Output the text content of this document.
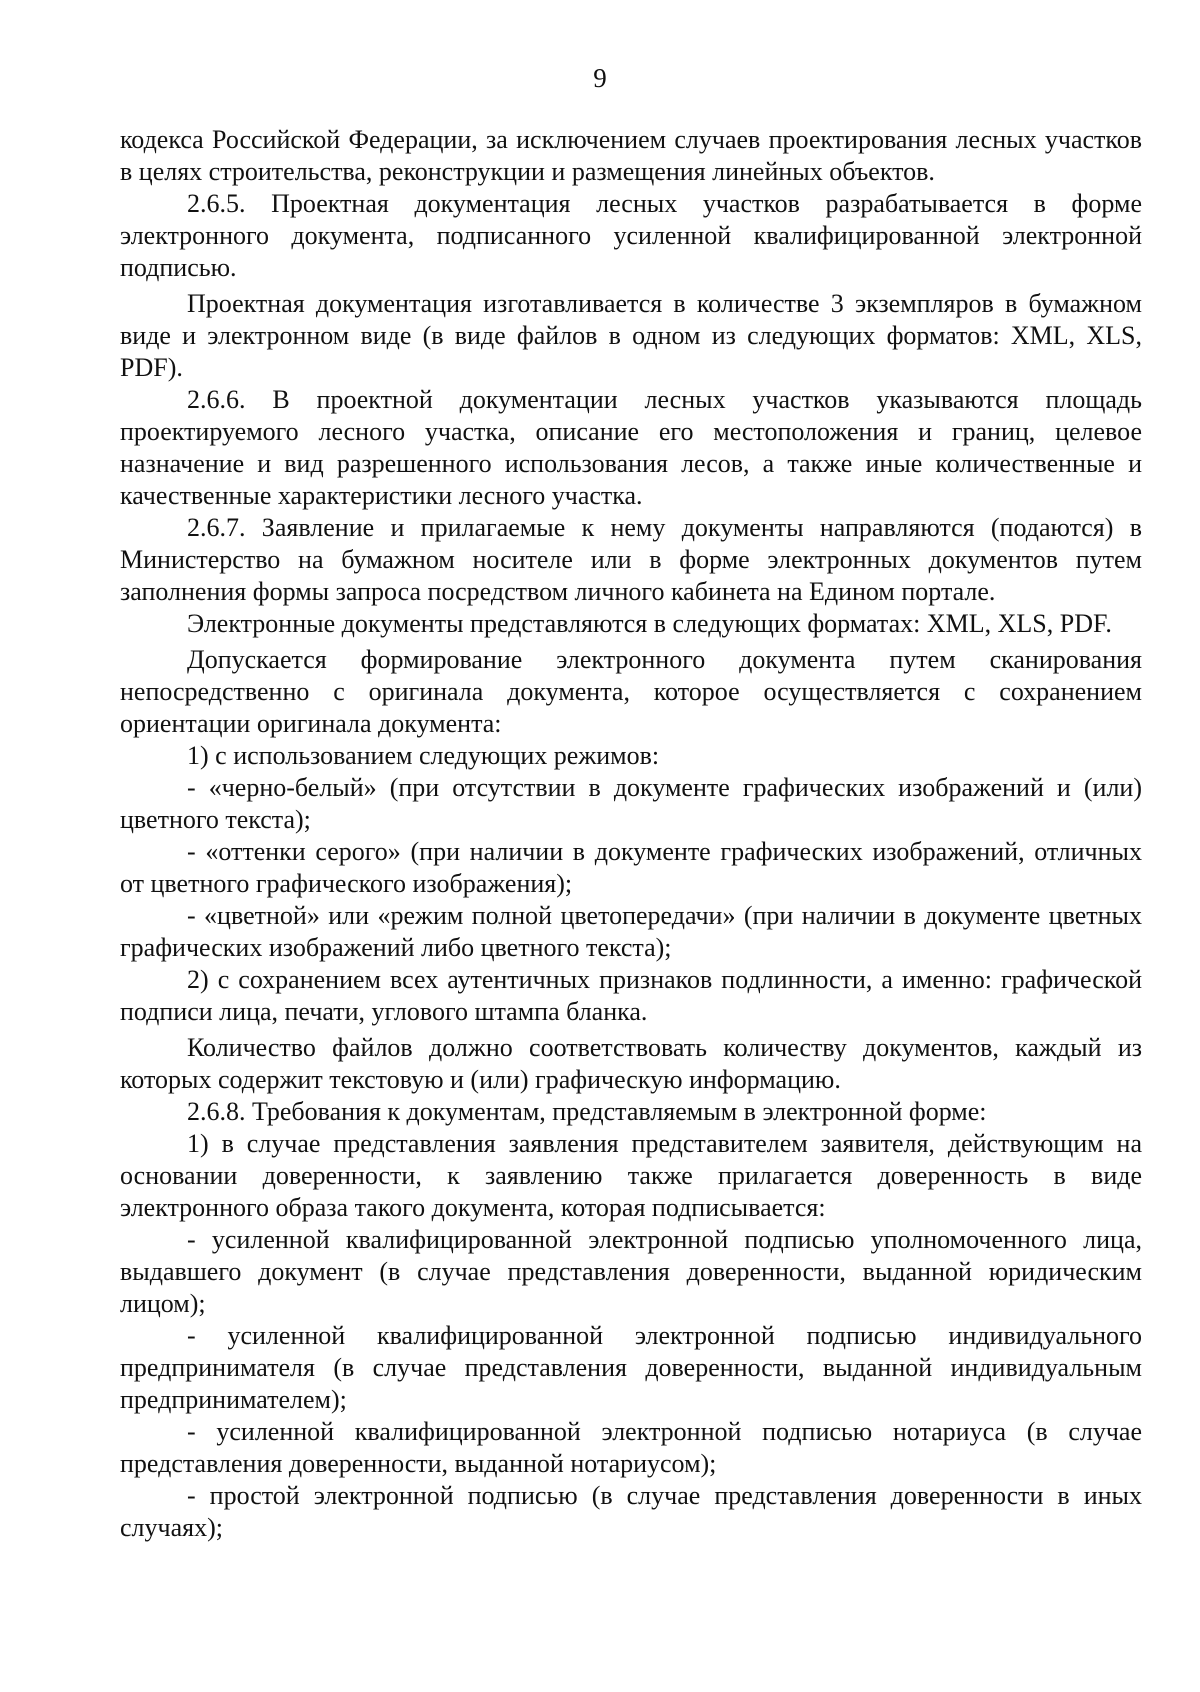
9

кодекса Российской Федерации, за исключением случаев проектирования лесных участков в целях строительства, реконструкции и размещения линейных объектов.

2.6.5. Проектная документация лесных участков разрабатывается в форме электронного документа, подписанного усиленной квалифицированной электронной подписью.

Проектная документация изготавливается в количестве 3 экземпляров в бумажном виде и электронном виде (в виде файлов в одном из следующих форматов: XML, XLS, PDF).

2.6.6. В проектной документации лесных участков указываются площадь проектируемого лесного участка, описание его местоположения и границ, целевое назначение и вид разрешенного использования лесов, а также иные количественные и качественные характеристики лесного участка.

2.6.7. Заявление и прилагаемые к нему документы направляются (подаются) в Министерство на бумажном носителе или в форме электронных документов путем заполнения формы запроса посредством личного кабинета на Едином портале.

Электронные документы представляются в следующих форматах: XML, XLS, PDF.

Допускается формирование электронного документа путем сканирования непосредственно с оригинала документа, которое осуществляется с сохранением ориентации оригинала документа:

1) с использованием следующих режимов:

- «черно-белый» (при отсутствии в документе графических изображений и (или) цветного текста);

- «оттенки серого» (при наличии в документе графических изображений, отличных от цветного графического изображения);

- «цветной» или «режим полной цветопередачи» (при наличии в документе цветных графических изображений либо цветного текста);

2) с сохранением всех аутентичных признаков подлинности, а именно: графической подписи лица, печати, углового штампа бланка.

Количество файлов должно соответствовать количеству документов, каждый из которых содержит текстовую и (или) графическую информацию.

2.6.8. Требования к документам, представляемым в электронной форме:

1) в случае представления заявления представителем заявителя, действующим на основании доверенности, к заявлению также прилагается доверенность в виде электронного образа такого документа, которая подписывается:

- усиленной квалифицированной электронной подписью уполномоченного лица, выдавшего документ (в случае представления доверенности, выданной юридическим лицом);

- усиленной квалифицированной электронной подписью индивидуального предпринимателя (в случае представления доверенности, выданной индивидуальным предпринимателем);

- усиленной квалифицированной электронной подписью нотариуса (в случае представления доверенности, выданной нотариусом);

- простой электронной подписью (в случае представления доверенности в иных случаях);
